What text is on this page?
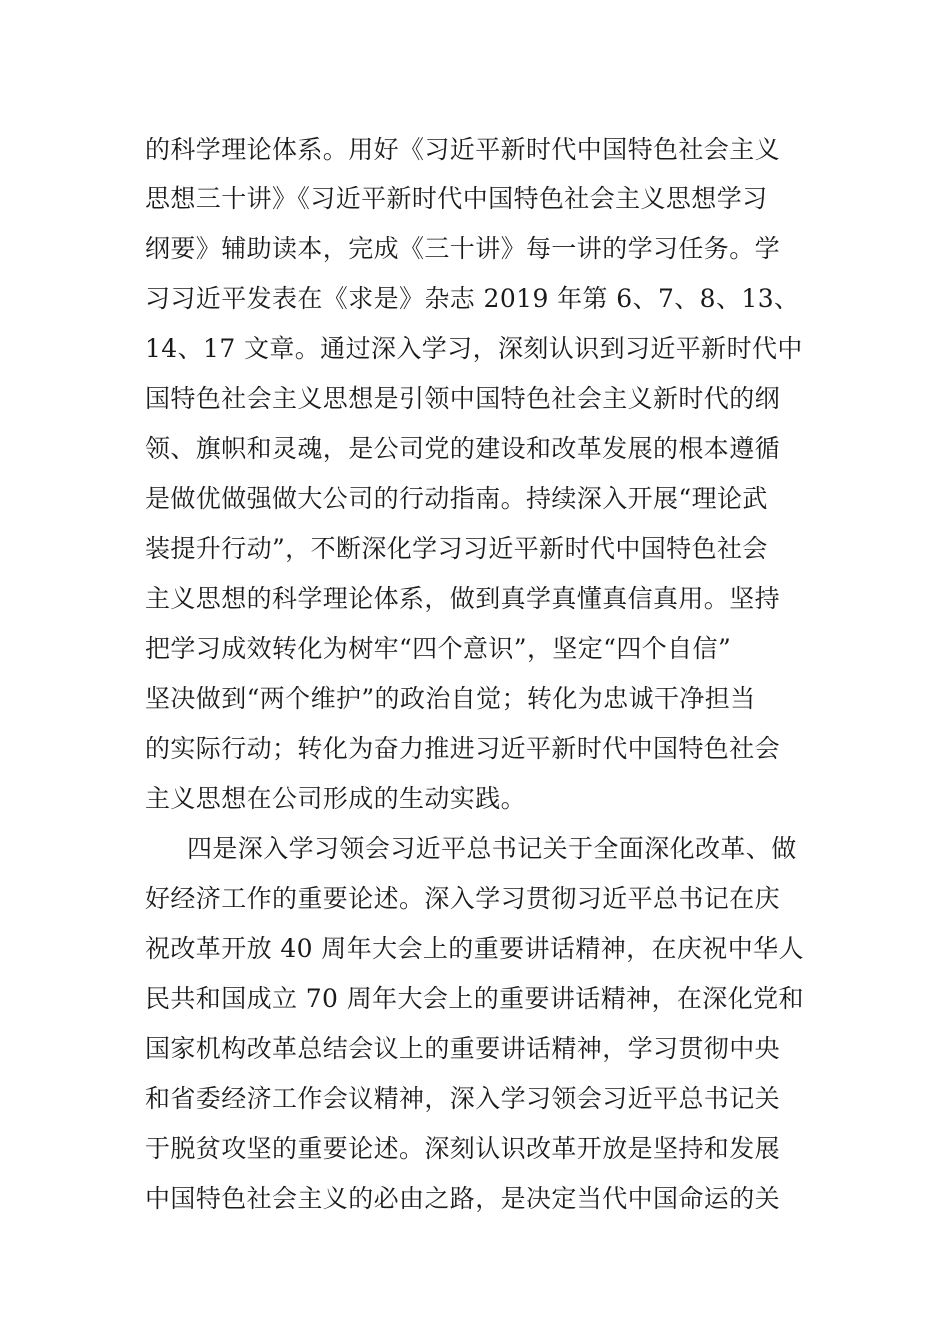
的科学理论体系。用好《习近平新时代中国特色社会主义
思想三十讲》《习近平新时代中国特色社会主义思想学习
纲要》辅助读本，完成《三十讲》每一讲的学习任务。学
习习近平发表在《求是》杂志 2019 年第 6、7、8、13、
14、17 文章。通过深入学习，深刻认识到习近平新时代中
国特色社会主义思想是引领中国特色社会主义新时代的纲
领、旗帜和灵魂，是公司党的建设和改革发展的根本遵循
是做优做强做大公司的行动指南。持续深入开展“理论武
装提升行动”，不断深化学习习近平新时代中国特色社会
主义思想的科学理论体系，做到真学真懂真信真用。坚持
把学习成效转化为树牢“四个意识”，坚定“四个自信”
坚决做到“两个维护”的政治自觉；转化为忠诚干净担当
的实际行动；转化为奋力推进习近平新时代中国特色社会
主义思想在公司形成的生动实践。
四是深入学习领会习近平总书记关于全面深化改革、做
好经济工作的重要论述。深入学习贯彻习近平总书记在庆
祝改革开放 40 周年大会上的重要讲话精神，在庆祝中华人
民共和国成立 70 周年大会上的重要讲话精神，在深化党和
国家机构改革总结会议上的重要讲话精神，学习贯彻中央
和省委经济工作会议精神，深入学习领会习近平总书记关
于脱贫攻坚的重要论述。深刻认识改革开放是坚持和发展
中国特色社会主义的必由之路，是决定当代中国命运的关
